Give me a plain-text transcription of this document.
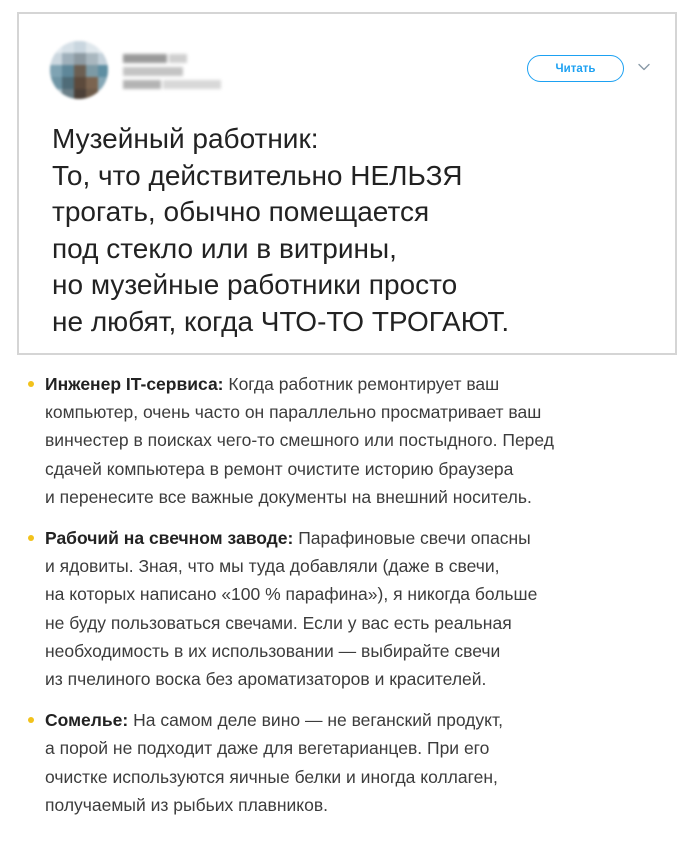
Читать

Музейный работник:
То, что действительно НЕЛЬЗЯ
трогать, обычно помещается
под стекло или в витрины,
но музейные работники просто
не любят, когда ЧТО-ТО ТРОГАЮТ.

Инженер IT-сервиса: Когда работник ремонтирует ваш
компьютер, очень часто он параллельно просматривает ваш
винчестер в поисках чего-то смешного или постыдного. Перед
сдачей компьютера в ремонт очистите историю браузера
и перенесите все важные документы на внешний носитель.
Рабочий на свечном заводе: Парафиновые свечи опасны
и ядовиты. Зная, что мы туда добавляли (даже в свечи,
на которых написано «100 % парафина»), я никогда больше
не буду пользоваться свечами. Если у вас есть реальная
необходимость в их использовании — выбирайте свечи
из пчелиного воска без ароматизаторов и красителей.
Сомелье: На самом деле вино — не веганский продукт,
а порой не подходит даже для вегетарианцев. При его
очистке используются яичные белки и иногда коллаген,
получаемый из рыбьих плавников.
